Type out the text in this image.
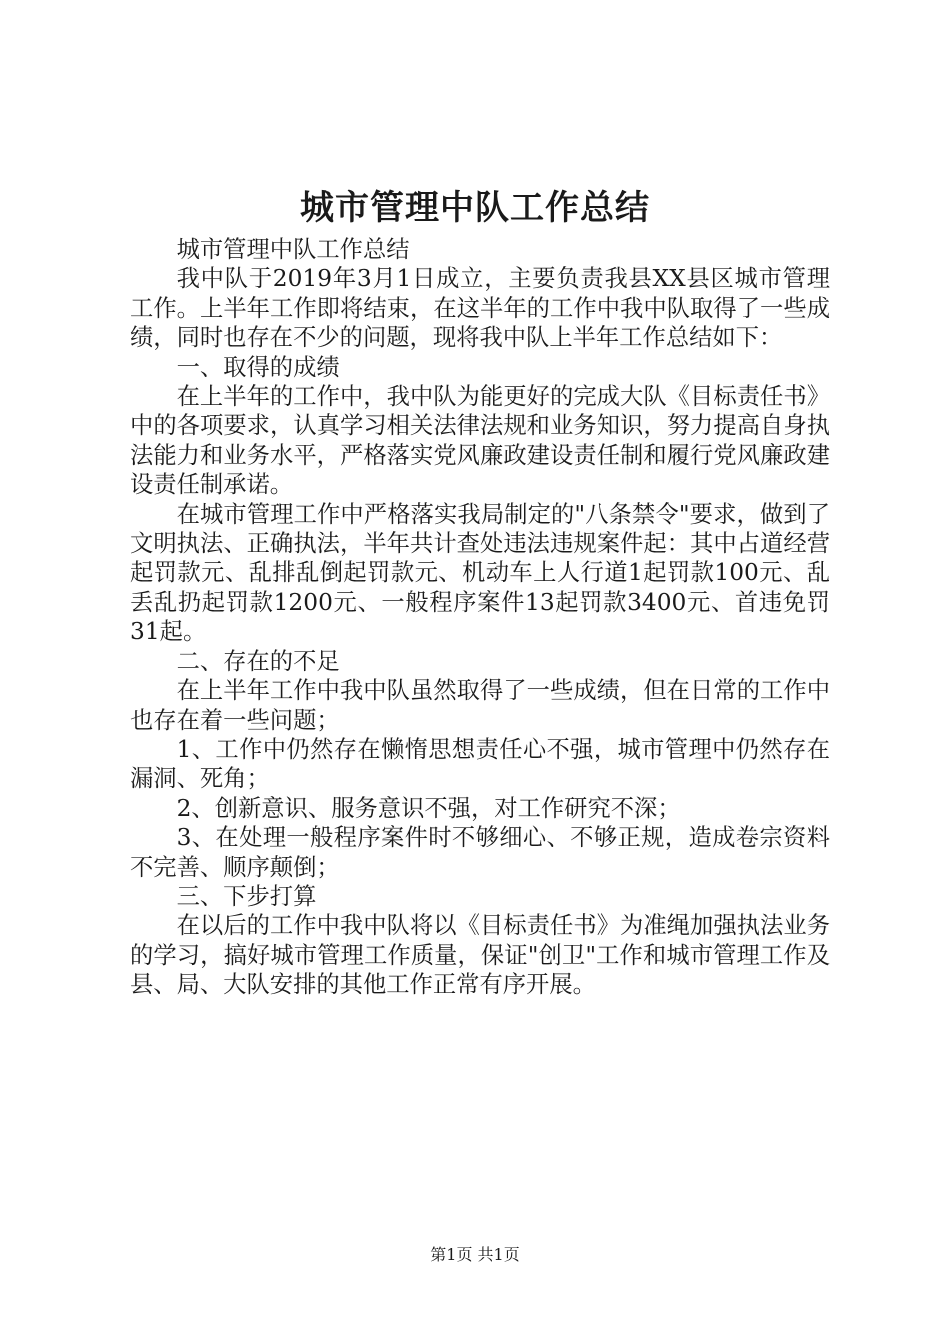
城市管理中队工作总结

城市管理中队工作总结

我中队于2019年3月1日成立，主要负责我县XX县区城市管理工作。上半年工作即将结束，在这半年的工作中我中队取得了一些成绩，同时也存在不少的问题，现将我中队上半年工作总结如下：

一、取得的成绩

在上半年的工作中，我中队为能更好的完成大队《目标责任书》中的各项要求，认真学习相关法律法规和业务知识，努力提高自身执法能力和业务水平，严格落实党风廉政建设责任制和履行党风廉政建设责任制承诺。

在城市管理工作中严格落实我局制定的"八条禁令"要求，做到了文明执法、正确执法，半年共计查处违法违规案件起：其中占道经营起罚款元、乱排乱倒起罚款元、机动车上人行道1起罚款100元、乱丢乱扔起罚款1200元、一般程序案件13起罚款3400元、首违免罚31起。

二、存在的不足

在上半年工作中我中队虽然取得了一些成绩，但在日常的工作中也存在着一些问题；

1、工作中仍然存在懒惰思想责任心不强，城市管理中仍然存在漏洞、死角；

2、创新意识、服务意识不强，对工作研究不深；

3、在处理一般程序案件时不够细心、不够正规，造成卷宗资料不完善、顺序颠倒；

三、下步打算

在以后的工作中我中队将以《目标责任书》为准绳加强执法业务的学习，搞好城市管理工作质量，保证"创卫"工作和城市管理工作及县、局、大队安排的其他工作正常有序开展。

第1页 共1页
